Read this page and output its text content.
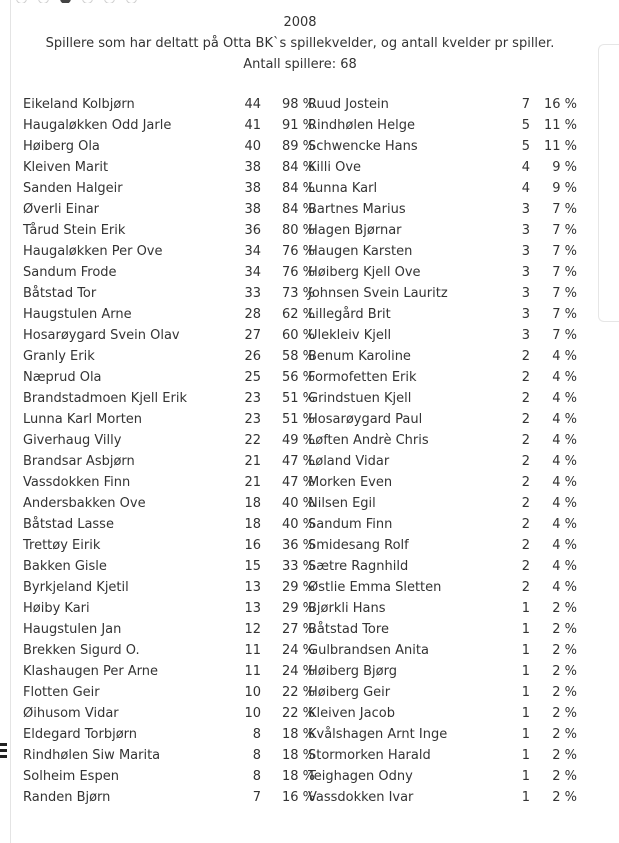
2008
Spillere som har deltatt på Otta BK`s spillekvelder, og antall kvelder pr spiller.
Antall spillere: 68
Eikeland Kolbjørn	44	98 %
Haugaløkken Odd Jarle	41	91 %
Høiberg Ola	40	89 %
Kleiven Marit	38	84 %
Sanden Halgeir	38	84 %
Øverli Einar	38	84 %
Tårud Stein Erik	36	80 %
Haugaløkken Per Ove	34	76 %
Sandum Frode	34	76 %
Båtstad Tor	33	73 %
Haugstulen Arne	28	62 %
Hosarøygard Svein Olav	27	60 %
Granly Erik	26	58 %
Næprud Ola	25	56 %
Brandstadmoen Kjell Erik	23	51 %
Lunna Karl Morten	23	51 %
Giverhaug Villy	22	49 %
Brandsar Asbjørn	21	47 %
Vassdokken Finn	21	47 %
Andersbakken Ove	18	40 %
Båtstad Lasse	18	40 %
Trettøy Eirik	16	36 %
Bakken Gisle	15	33 %
Byrkjeland Kjetil	13	29 %
Høiby Kari	13	29 %
Haugstulen Jan	12	27 %
Brekken Sigurd O.	11	24 %
Klashaugen Per Arne	11	24 %
Flotten Geir	10	22 %
Øihusom Vidar	10	22 %
Eldegard Torbjørn	8	18 %
Rindhølen Siw Marita	8	18 %
Solheim Espen	8	18 %
Randen Bjørn	7	16 %
Ruud Jostein	7	16 %
Rindhølen Helge	5	11 %
Schwencke Hans	5	11 %
Killi Ove	4	9 %
Lunna Karl	4	9 %
Bartnes Marius	3	7 %
Hagen Bjørnar	3	7 %
Haugen Karsten	3	7 %
Høiberg Kjell Ove	3	7 %
Johnsen Svein Lauritz	3	7 %
Lillegård Brit	3	7 %
Ulekleiv Kjell	3	7 %
Benum Karoline	2	4 %
Formofetten Erik	2	4 %
Grindstuen Kjell	2	4 %
Hosarøygard Paul	2	4 %
Løften Andrè Chris	2	4 %
Løland Vidar	2	4 %
Morken Even	2	4 %
Nilsen Egil	2	4 %
Sandum Finn	2	4 %
Smidesang Rolf	2	4 %
Sætre Ragnhild	2	4 %
Østlie Emma Sletten	2	4 %
Bjørkli Hans	1	2 %
Båtstad Tore	1	2 %
Gulbrandsen Anita	1	2 %
Høiberg Bjørg	1	2 %
Høiberg Geir	1	2 %
Kleiven Jacob	1	2 %
Kvålshagen Arnt Inge	1	2 %
Stormorken Harald	1	2 %
Teighagen Odny	1	2 %
Vassdokken Ivar	1	2 %
